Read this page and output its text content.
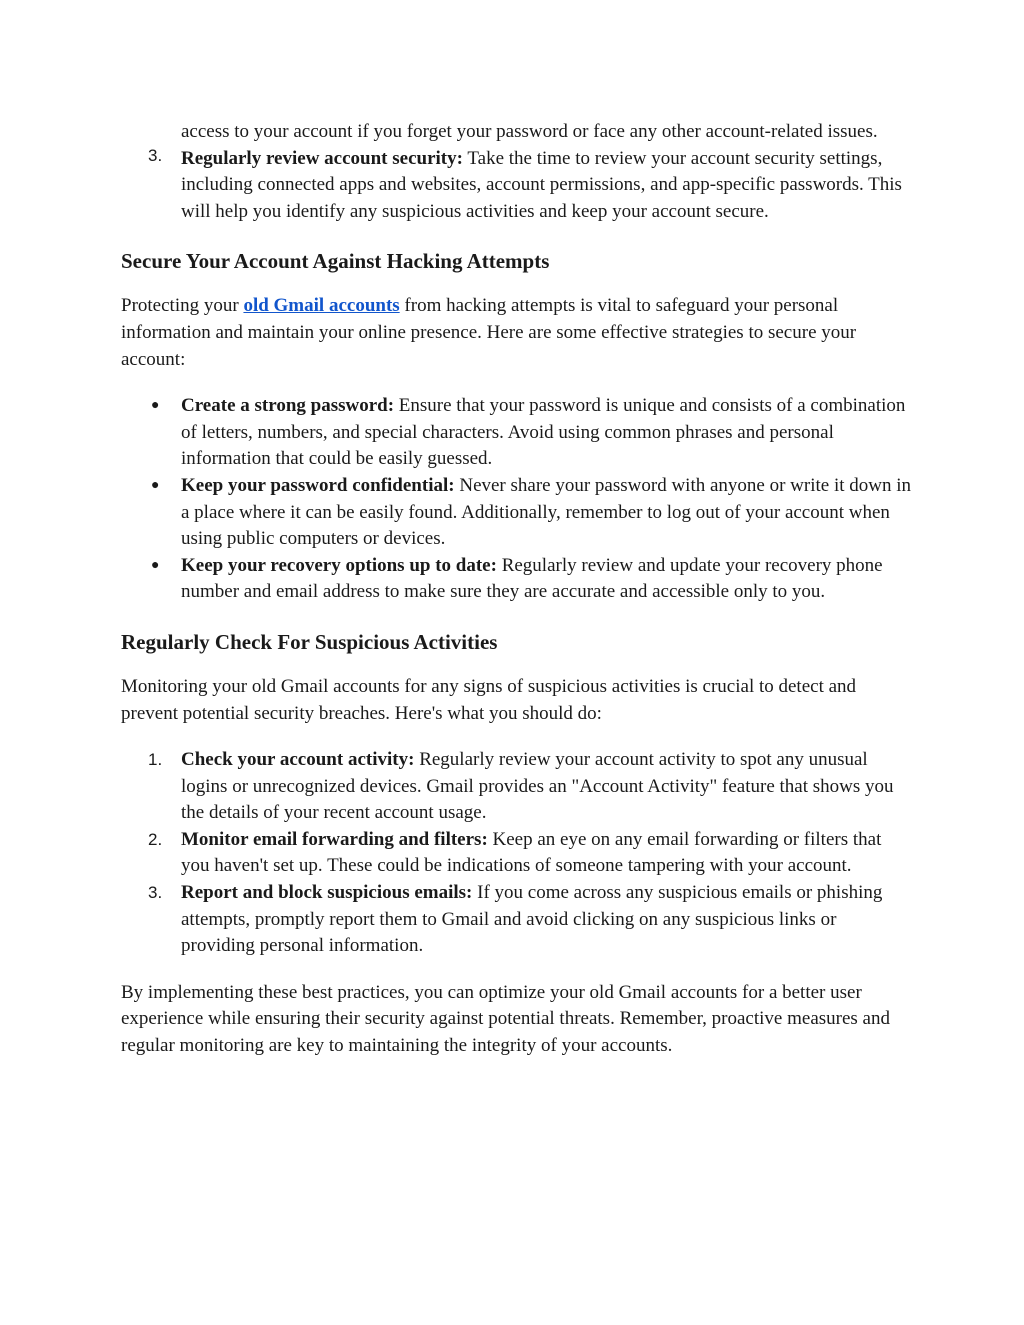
access to your account if you forget your password or face any other account-related issues.

3. Regularly review account security: Take the time to review your account security settings, including connected apps and websites, account permissions, and app-specific passwords. This will help you identify any suspicious activities and keep your account secure.

Secure Your Account Against Hacking Attempts

Protecting your old Gmail accounts from hacking attempts is vital to safeguard your personal information and maintain your online presence. Here are some effective strategies to secure your account:

●	Create a strong password: Ensure that your password is unique and consists of a combination of letters, numbers, and special characters. Avoid using common phrases and personal information that could be easily guessed.
●	Keep your password confidential: Never share your password with anyone or write it down in a place where it can be easily found. Additionally, remember to log out of your account when using public computers or devices.
●	Keep your recovery options up to date: Regularly review and update your recovery phone number and email address to make sure they are accurate and accessible only to you.
Regularly Check For Suspicious Activities

Monitoring your old Gmail accounts for any signs of suspicious activities is crucial to detect and prevent potential security breaches. Here's what you should do:

1. Check your account activity: Regularly review your account activity to spot any unusual logins or unrecognized devices. Gmail provides an "Account Activity" feature that shows you the details of your recent account usage.
2. Monitor email forwarding and filters: Keep an eye on any email forwarding or filters that you haven't set up. These could be indications of someone tampering with your account.
3. Report and block suspicious emails: If you come across any suspicious emails or phishing attempts, promptly report them to Gmail and avoid clicking on any suspicious links or providing personal information.

By implementing these best practices, you can optimize your old Gmail accounts for a better user experience while ensuring their security against potential threats. Remember, proactive measures and regular monitoring are key to maintaining the integrity of your accounts.
